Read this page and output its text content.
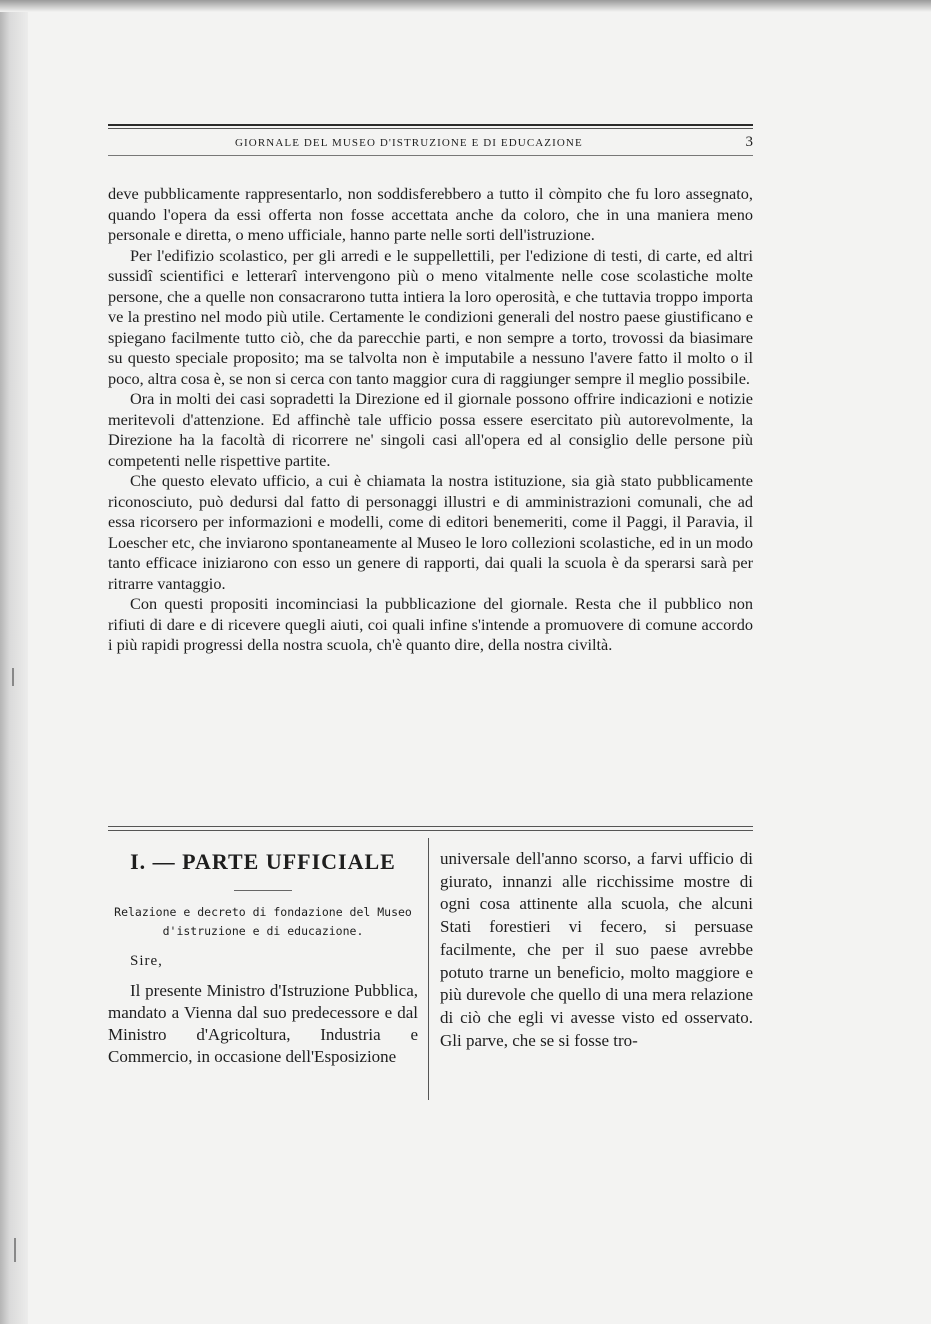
GIORNALE DEL MUSEO D'ISTRUZIONE E DI EDUCAZIONE	3

deve pubblicamente rappresentarlo, non soddisferebbero a tutto il còmpito che fu loro assegnato, quando l'opera da essi offerta non fosse accettata anche da coloro, che in una maniera meno personale e diretta, o meno ufficiale, hanno parte nelle sorti dell'istruzione.

Per l'edifizio scolastico, per gli arredi e le suppellettili, per l'edizione di testi, di carte, ed altri sussidî scientifici e letterarî intervengono più o meno vitalmente nelle cose scolastiche molte persone, che a quelle non consacrarono tutta intiera la loro operosità, e che tuttavia troppo importa ve la prestino nel modo più utile. Certamente le condizioni generali del nostro paese giustificano e spiegano facilmente tutto ciò, che da parecchie parti, e non sempre a torto, trovossi da biasimare su questo speciale proposito; ma se talvolta non è imputabile a nessuno l'avere fatto il molto o il poco, altra cosa è, se non si cerca con tanto maggior cura di raggiunger sempre il meglio possibile.

Ora in molti dei casi sopradetti la Direzione ed il giornale possono offrire indicazioni e notizie meritevoli d'attenzione. Ed affinchè tale ufficio possa essere esercitato più autorevolmente, la Direzione ha la facoltà di ricorrere ne' singoli casi all'opera ed al consiglio delle persone più competenti nelle rispettive partite.

Che questo elevato ufficio, a cui è chiamata la nostra istituzione, sia già stato pubblicamente riconosciuto, può dedursi dal fatto di personaggi illustri e di amministrazioni comunali, che ad essa ricorsero per informazioni e modelli, come di editori benemeriti, come il Paggi, il Paravia, il Loescher etc, che inviarono spontaneamente al Museo le loro collezioni scolastiche, ed in un modo tanto efficace iniziarono con esso un genere di rapporti, dai quali la scuola è da sperarsi sarà per ritrarre vantaggio.

Con questi propositi incominciasi la pubblicazione del giornale. Resta che il pubblico non rifiuti di dare e di ricevere quegli aiuti, coi quali infine s'intende a promuovere di comune accordo i più rapidi progressi della nostra scuola, ch'è quanto dire, della nostra civiltà.

I. — PARTE UFFICIALE

Relazione e decreto di fondazione del Museo

d'istruzione e di educazione.

Sire,

Il presente Ministro d'Istruzione Pubblica, mandato a Vienna dal suo predecessore e dal Ministro d'Agricoltura, Industria e Commercio, in occasione dell'Esposizione

universale dell'anno scorso, a farvi ufficio di giurato, innanzi alle ricchissime mostre di ogni cosa attinente alla scuola, che alcuni Stati forestieri vi fecero, si persuase facilmente, che per il suo paese avrebbe potuto trarne un beneficio, molto maggiore e più durevole che quello di una mera relazione di ciò che egli vi avesse visto ed osservato. Gli parve, che se si fosse tro-
